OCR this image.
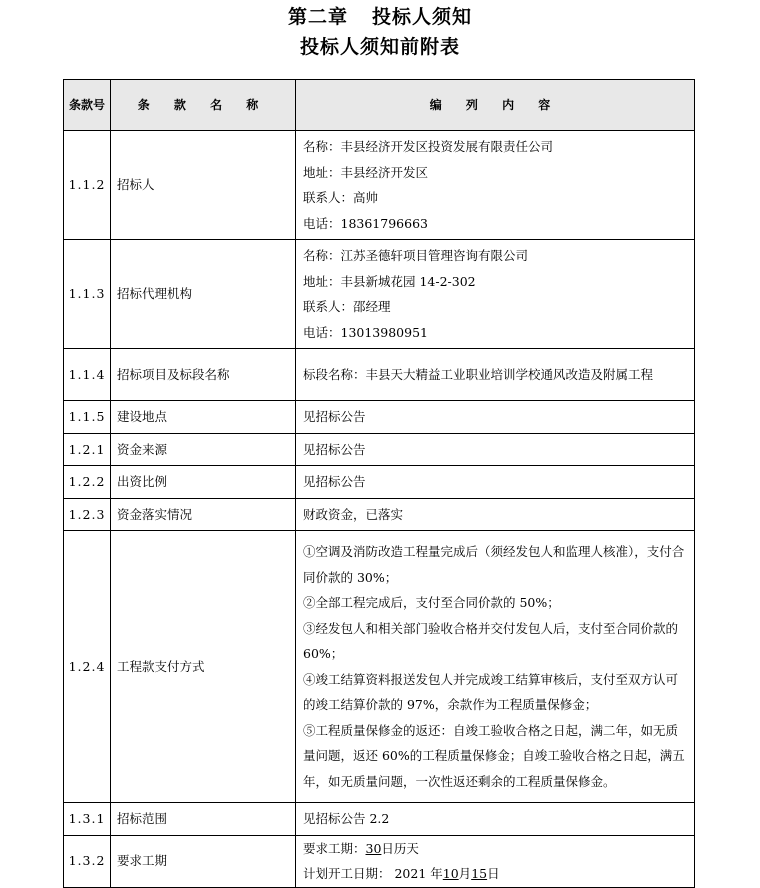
第二章 投标人须知
投标人须知前附表
条款号	条 款 名 称	编 列 内 容
1.1.2	招标人	名称：丰县经济开发区投资发展有限责任公司
地址：丰县经济开发区
联系人：高帅
电话：18361796663

1.1.3	招标代理机构	名称：江苏圣德轩项目管理咨询有限公司
地址：丰县新城花园 14-2-302
联系人：邵经理
电话：13013980951

1.1.4	招标项目及标段名称	标段名称：丰县天大精益工业职业培训学校通风改造及附属工程

1.1.5	建设地点	见招标公告
1.2.1	资金来源	见招标公告
1.2.2	出资比例	见招标公告
1.2.3	资金落实情况	财政资金，已落实
1.2.4	工程款支付方式	①空调及消防改造工程量完成后（须经发包人和监理人核准），支付合同价款的 30%；
②全部工程完成后，支付至合同价款的 50%；
③经发包人和相关部门验收合格并交付发包人后，支付至合同价款的 60%；
④竣工结算资料报送发包人并完成竣工结算审核后，支付至双方认可的竣工结算价款的 97%，余款作为工程质量保修金；
⑤工程质量保修金的返还：自竣工验收合格之日起，满二年，如无质量问题，返还 60%的工程质量保修金；自竣工验收合格之日起，满五年，如无质量问题，一次性返还剩余的工程质量保修金。

1.3.1	招标范围	见招标公告 2.2
1.3.2	要求工期	要求工期：30日历天
计划开工日期： 2021 年10月15日
